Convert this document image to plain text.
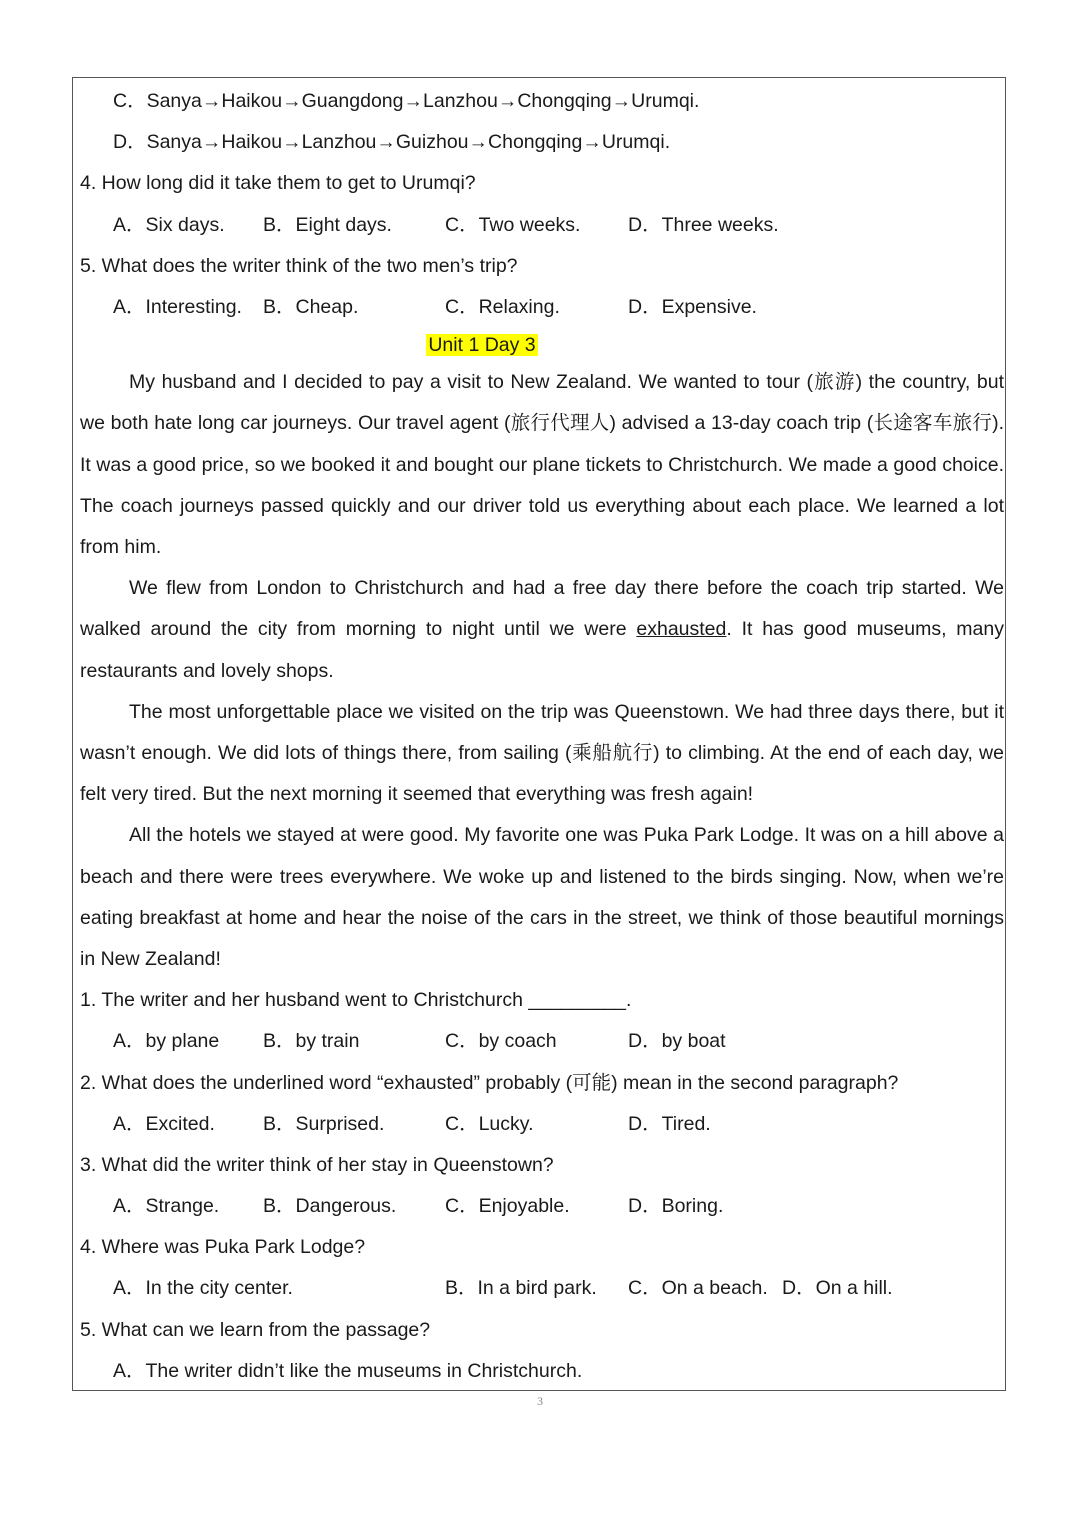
C．Sanya→Haikou→Guangdong→Lanzhou→Chongqing→Urumqi.
D．Sanya→Haikou→Lanzhou→Guizhou→Chongqing→Urumqi.
4. How long did it take them to get to Urumqi?
A．Six days.	B．Eight days.	C．Two weeks.	D．Three weeks.
5. What does the writer think of the two men’s trip?
A．Interesting.	B．Cheap.	C．Relaxing.	D．Expensive.
Unit 1 Day 3
My husband and I decided to pay a visit to New Zealand. We wanted to tour (旅游) the country, but we both hate long car journeys. Our travel agent (旅行代理人) advised a 13-day coach trip (长途客车旅行). It was a good price, so we booked it and bought our plane tickets to Christchurch. We made a good choice. The coach journeys passed quickly and our driver told us everything about each place. We learned a lot from him.
We flew from London to Christchurch and had a free day there before the coach trip started. We walked around the city from morning to night until we were exhausted. It has good museums, many restaurants and lovely shops.
The most unforgettable place we visited on the trip was Queenstown. We had three days there, but it wasn’t enough. We did lots of things there, from sailing (乘船航行) to climbing. At the end of each day, we felt very tired. But the next morning it seemed that everything was fresh again!
All the hotels we stayed at were good. My favorite one was Puka Park Lodge. It was on a hill above a beach and there were trees everywhere. We woke up and listened to the birds singing. Now, when we’re eating breakfast at home and hear the noise of the cars in the street, we think of those beautiful mornings in New Zealand!
1. The writer and her husband went to Christchurch _________.
A．by plane	B．by train	C．by coach	D．by boat
2. What does the underlined word “exhausted” probably (可能) mean in the second paragraph?
A．Excited.	B．Surprised.	C．Lucky.	D．Tired.
3. What did the writer think of her stay in Queenstown?
A．Strange.	B．Dangerous.	C．Enjoyable.	D．Boring.
4. Where was Puka Park Lodge?
A．In the city center.	B．In a bird park.	C．On a beach. D．On a hill.
5. What can we learn from the passage?
A．The writer didn’t like the museums in Christchurch.
3
